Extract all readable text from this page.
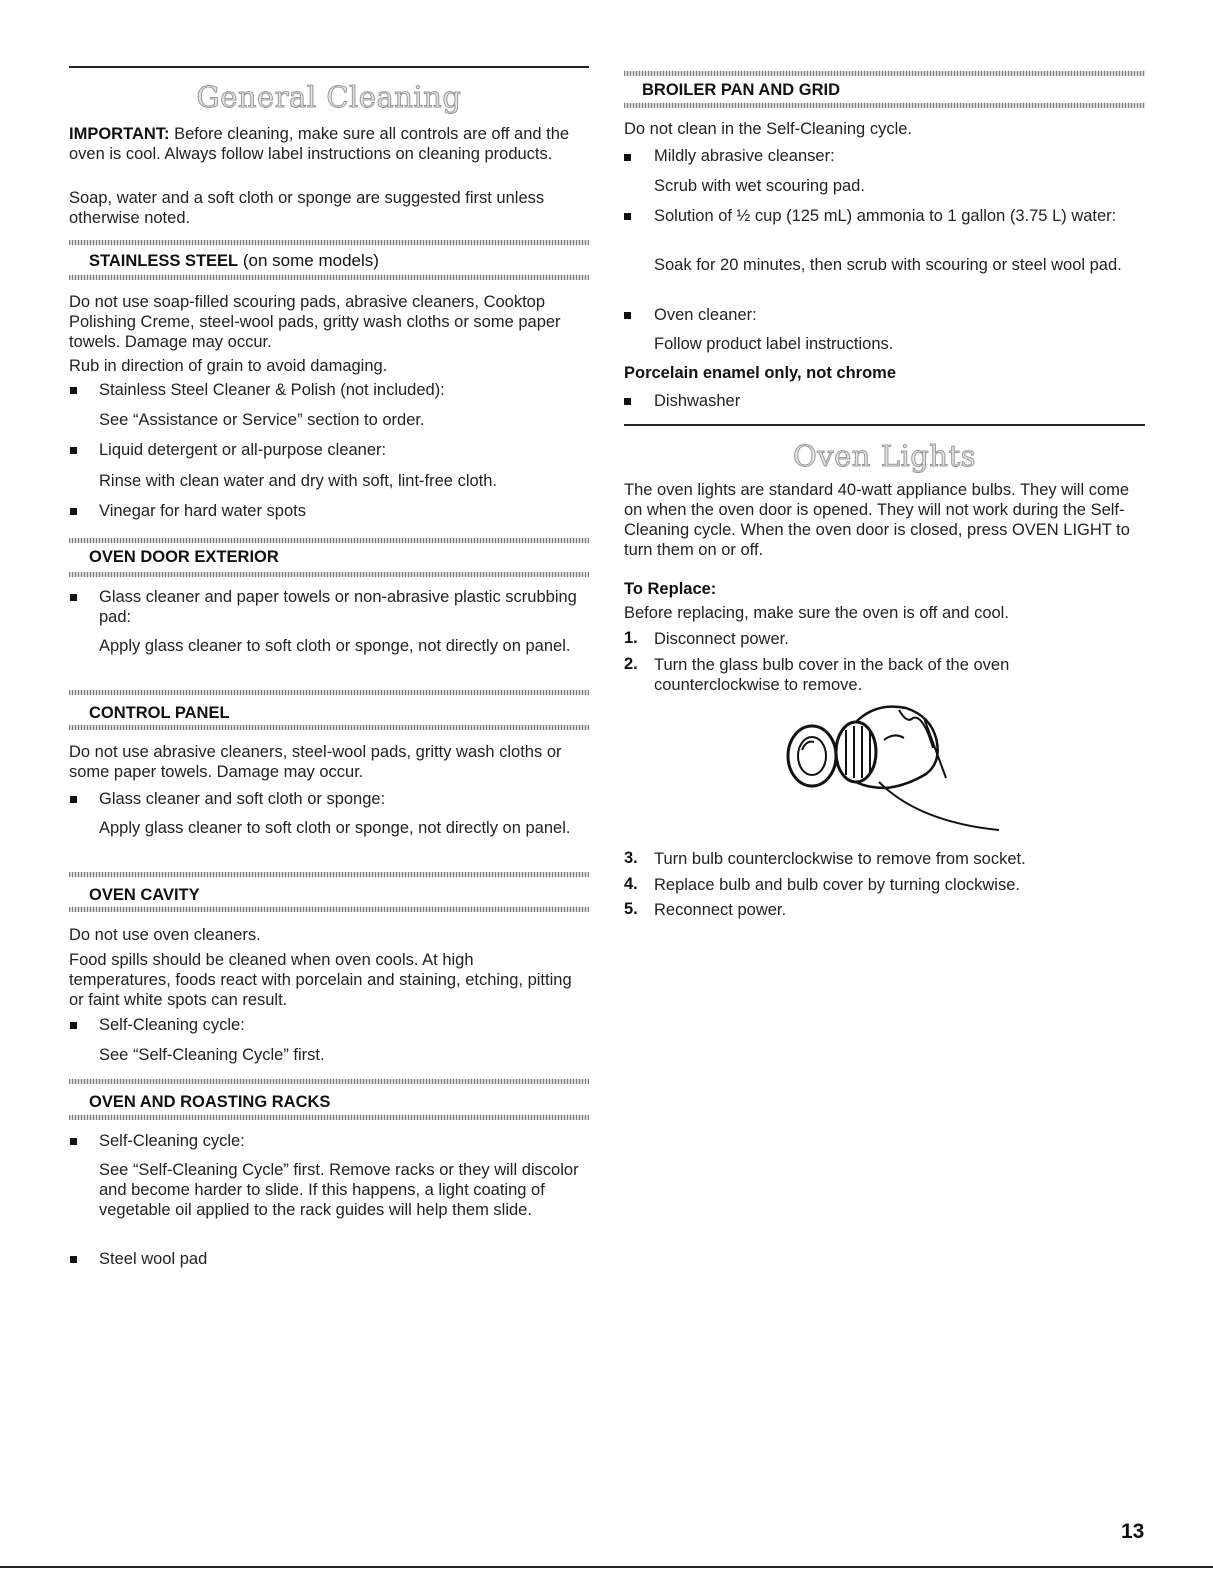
General Cleaning
IMPORTANT: Before cleaning, make sure all controls are off and the oven is cool. Always follow label instructions on cleaning products.
Soap, water and a soft cloth or sponge are suggested first unless otherwise noted.
STAINLESS STEEL (on some models)
Do not use soap-filled scouring pads, abrasive cleaners, Cooktop Polishing Creme, steel-wool pads, gritty wash cloths or some paper towels. Damage may occur.
Rub in direction of grain to avoid damaging.
Stainless Steel Cleaner & Polish (not included):
See “Assistance or Service” section to order.
Liquid detergent or all-purpose cleaner:
Rinse with clean water and dry with soft, lint-free cloth.
Vinegar for hard water spots
OVEN DOOR EXTERIOR
Glass cleaner and paper towels or non-abrasive plastic scrubbing pad:
Apply glass cleaner to soft cloth or sponge, not directly on panel.
CONTROL PANEL
Do not use abrasive cleaners, steel-wool pads, gritty wash cloths or some paper towels. Damage may occur.
Glass cleaner and soft cloth or sponge:
Apply glass cleaner to soft cloth or sponge, not directly on panel.
OVEN CAVITY
Do not use oven cleaners.
Food spills should be cleaned when oven cools. At high temperatures, foods react with porcelain and staining, etching, pitting or faint white spots can result.
Self-Cleaning cycle:
See “Self-Cleaning Cycle” first.
OVEN AND ROASTING RACKS
Self-Cleaning cycle:
See “Self-Cleaning Cycle” first. Remove racks or they will discolor and become harder to slide. If this happens, a light coating of vegetable oil applied to the rack guides will help them slide.
Steel wool pad
BROILER PAN AND GRID
Do not clean in the Self-Cleaning cycle.
Mildly abrasive cleanser:
Scrub with wet scouring pad.
Solution of ½ cup (125 mL) ammonia to 1 gallon (3.75 L) water:
Soak for 20 minutes, then scrub with scouring or steel wool pad.
Oven cleaner:
Follow product label instructions.
Porcelain enamel only, not chrome
Dishwasher
Oven Lights
The oven lights are standard 40-watt appliance bulbs. They will come on when the oven door is opened. They will not work during the Self-Cleaning cycle. When the oven door is closed, press OVEN LIGHT to turn them on or off.
To Replace:
Before replacing, make sure the oven is off and cool.
1. Disconnect power.
2. Turn the glass bulb cover in the back of the oven counterclockwise to remove.
3. Turn bulb counterclockwise to remove from socket.
4. Replace bulb and bulb cover by turning clockwise.
5. Reconnect power.
13
